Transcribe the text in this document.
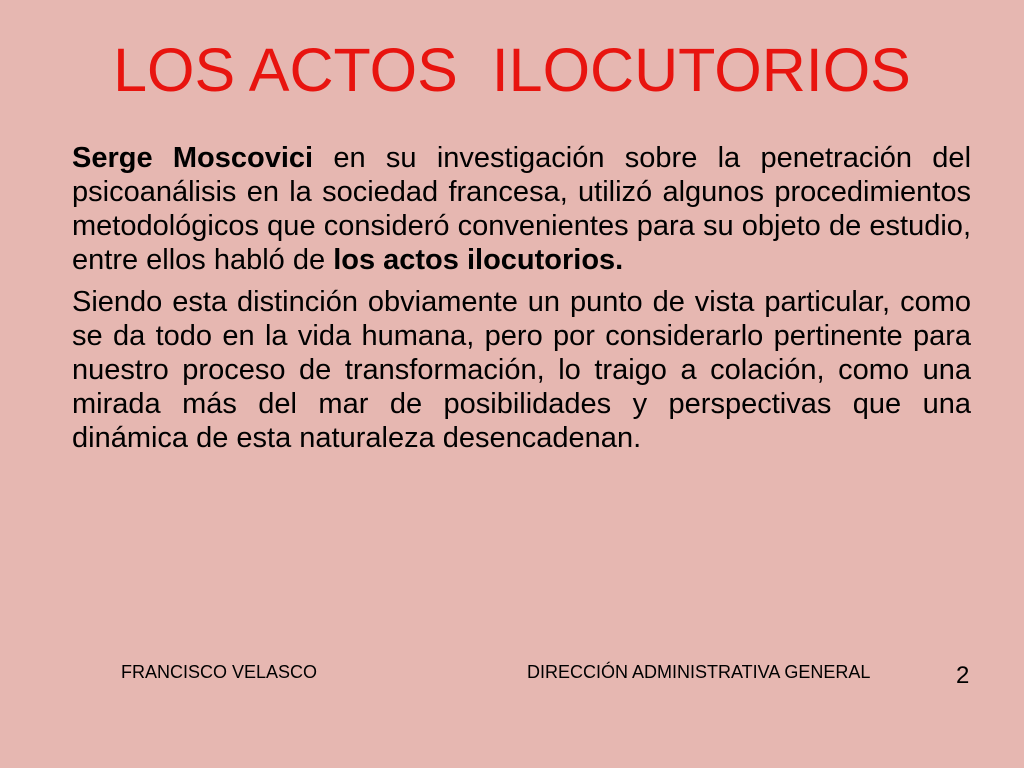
LOS ACTOS  ILOCUTORIOS

Serge Moscovici en su investigación sobre la penetración del psicoanálisis en la sociedad francesa, utilizó algunos procedimientos metodológicos que consideró convenientes para su objeto de estudio, entre ellos habló de los actos ilocutorios.

Siendo esta distinción obviamente un punto de vista particular, como se da todo en la vida humana, pero por considerarlo pertinente para nuestro proceso de transformación, lo traigo a colación, como una mirada más del mar de posibilidades y perspectivas que una dinámica de esta naturaleza desencadenan.

FRANCISCO VELASCO	DIRECCIÓN ADMINISTRATIVA GENERAL	2
